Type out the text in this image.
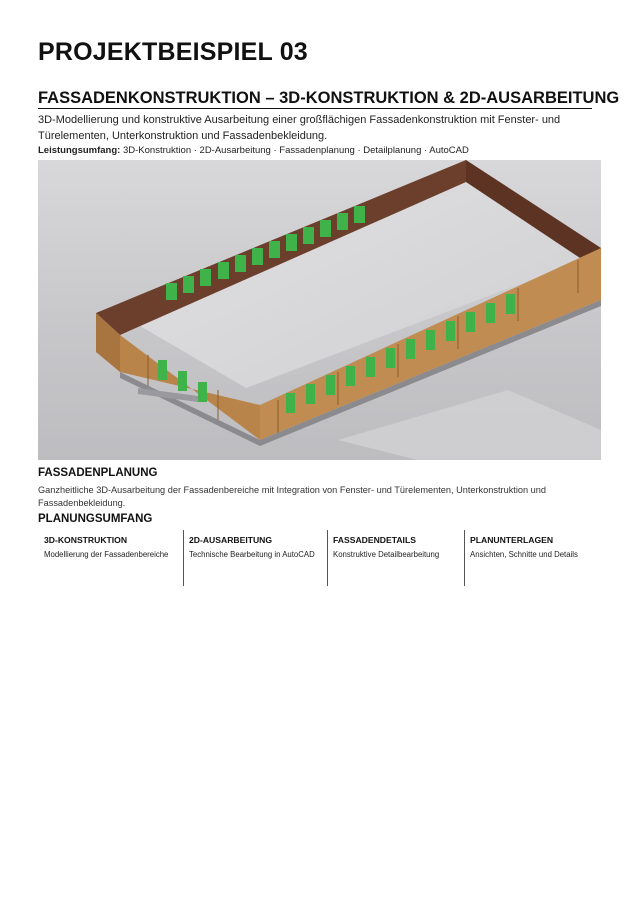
PROJEKTBEISPIEL 03
FASSADENKONSTRUKTION – 3D-KONSTRUKTION & 2D-AUSARBEITUNG

3D-Modellierung und konstruktive Ausarbeitung einer großflächigen Fassadenkonstruktion mit Fenster- und
Türelementen, Unterkonstruktion und Fassadenbekleidung.

Leistungsumfang: 3D-Konstruktion · 2D-Ausarbeitung · Fassadenplanung · Detailplanung · AutoCAD

FASSADENPLANUNG

Ganzheitliche 3D-Ausarbeitung der Fassadenbereiche mit Integration von Fenster- und Türelementen, Unterkonstruktion und
Fassadenbekleidung.

PLANUNGSUMFANG

3D-KONSTRUKTION

Modellierung der Fassadenbereiche

2D-AUSARBEITUNG

Technische Bearbeitung in AutoCAD

FASSADENDETAILS

Konstruktive Detailbearbeitung

PLANUNTERLAGEN

Ansichten, Schnitte und Details
